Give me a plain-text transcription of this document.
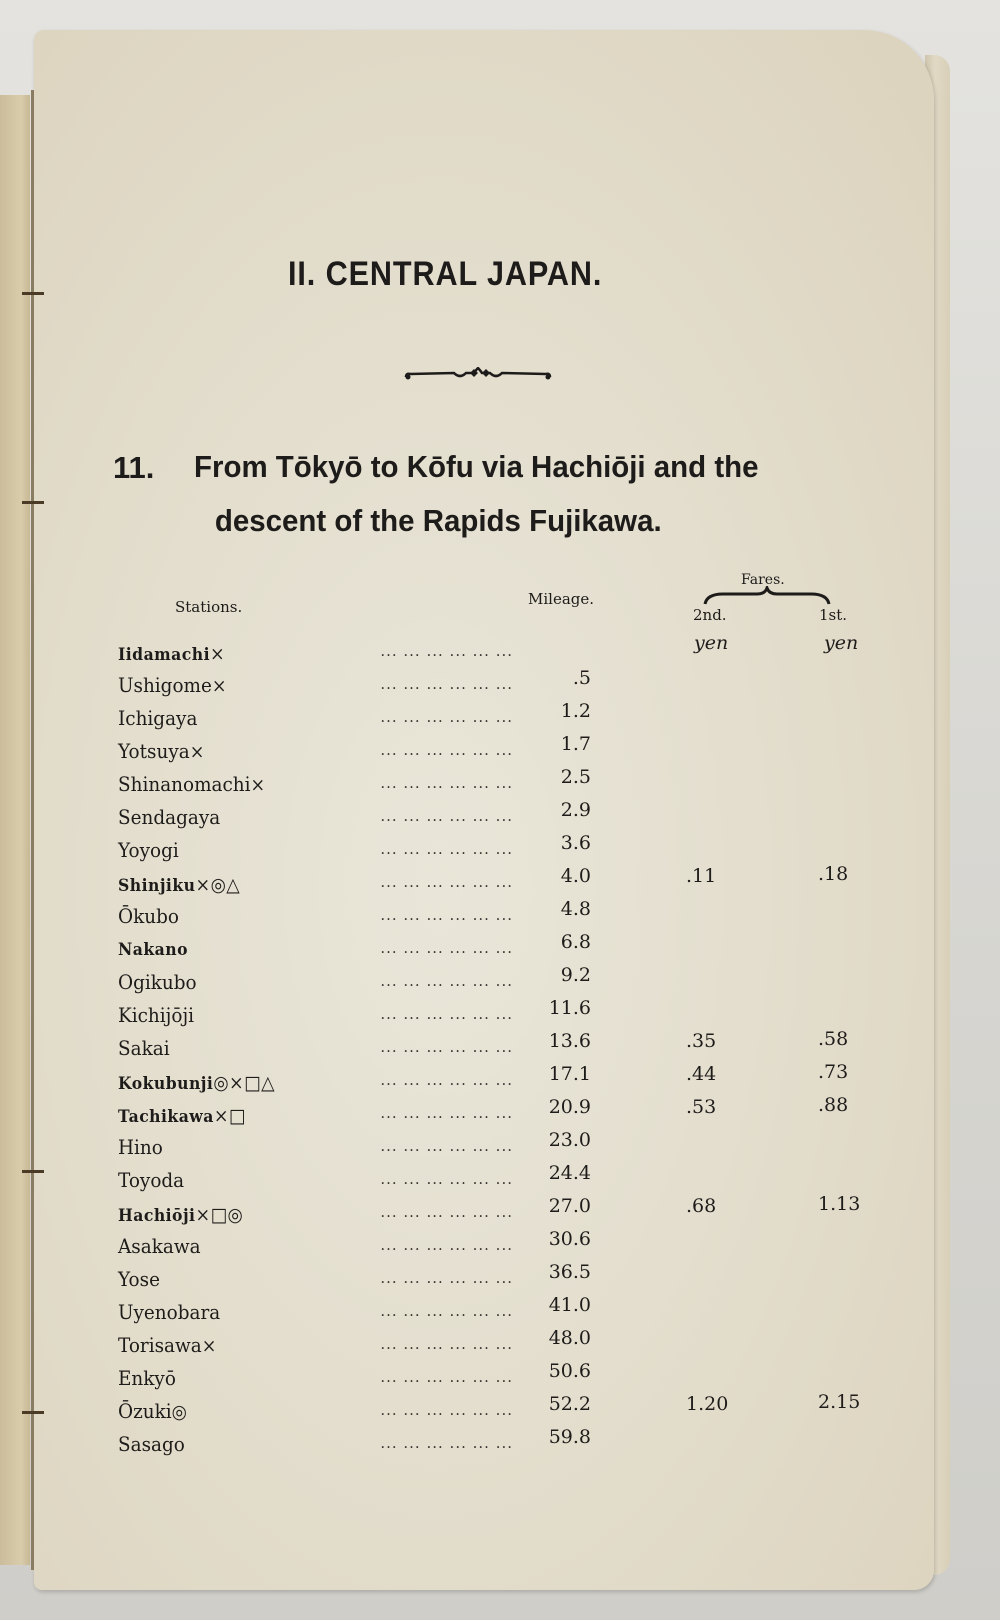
II. CENTRAL JAPAN.
11. From Tōkyō to Kōfu via Hachiōji and the
descent of the Rapids Fujikawa.
Stations.	Mileage.
Fares.
2nd.	1st.
yen	yen
... ... ... ... ... ...
Iidamachi×
... ... ... ... ... ...
Ushigome×	.5
... ... ... ... ... ...
Ichigaya	1.2
... ... ... ... ... ...
Yotsuya×	1.7
... ... ... ... ... ...
Shinanomachi×	2.5
... ... ... ... ... ...
Sendagaya	2.9
... ... ... ... ... ...
Yoyogi	3.6
... ... ... ... ... ...
Shinjiku×◎△	4.0	.11	.18
... ... ... ... ... ...
Ōkubo	4.8
... ... ... ... ... ...
Nakano	6.8
... ... ... ... ... ...
Ogikubo	9.2
... ... ... ... ... ...
Kichijōji	11.6
... ... ... ... ... ...
Sakai	13.6	.35	.58
... ... ... ... ... ...
Kokubunji◎×□△	17.1	.44	.73
... ... ... ... ... ...
Tachikawa×□	20.9	.53	.88
... ... ... ... ... ...
Hino	23.0
... ... ... ... ... ...
Toyoda	24.4
... ... ... ... ... ...
Hachiōji×□◎	27.0	.68	1.13
... ... ... ... ... ...
Asakawa	30.6
... ... ... ... ... ...
Yose	36.5
... ... ... ... ... ...
Uyenobara	41.0
... ... ... ... ... ...
Torisawa×	48.0
... ... ... ... ... ...
Enkyō	50.6
... ... ... ... ... ...
Ōzuki◎	52.2	1.20	2.15
... ... ... ... ... ...
Sasago	59.8
